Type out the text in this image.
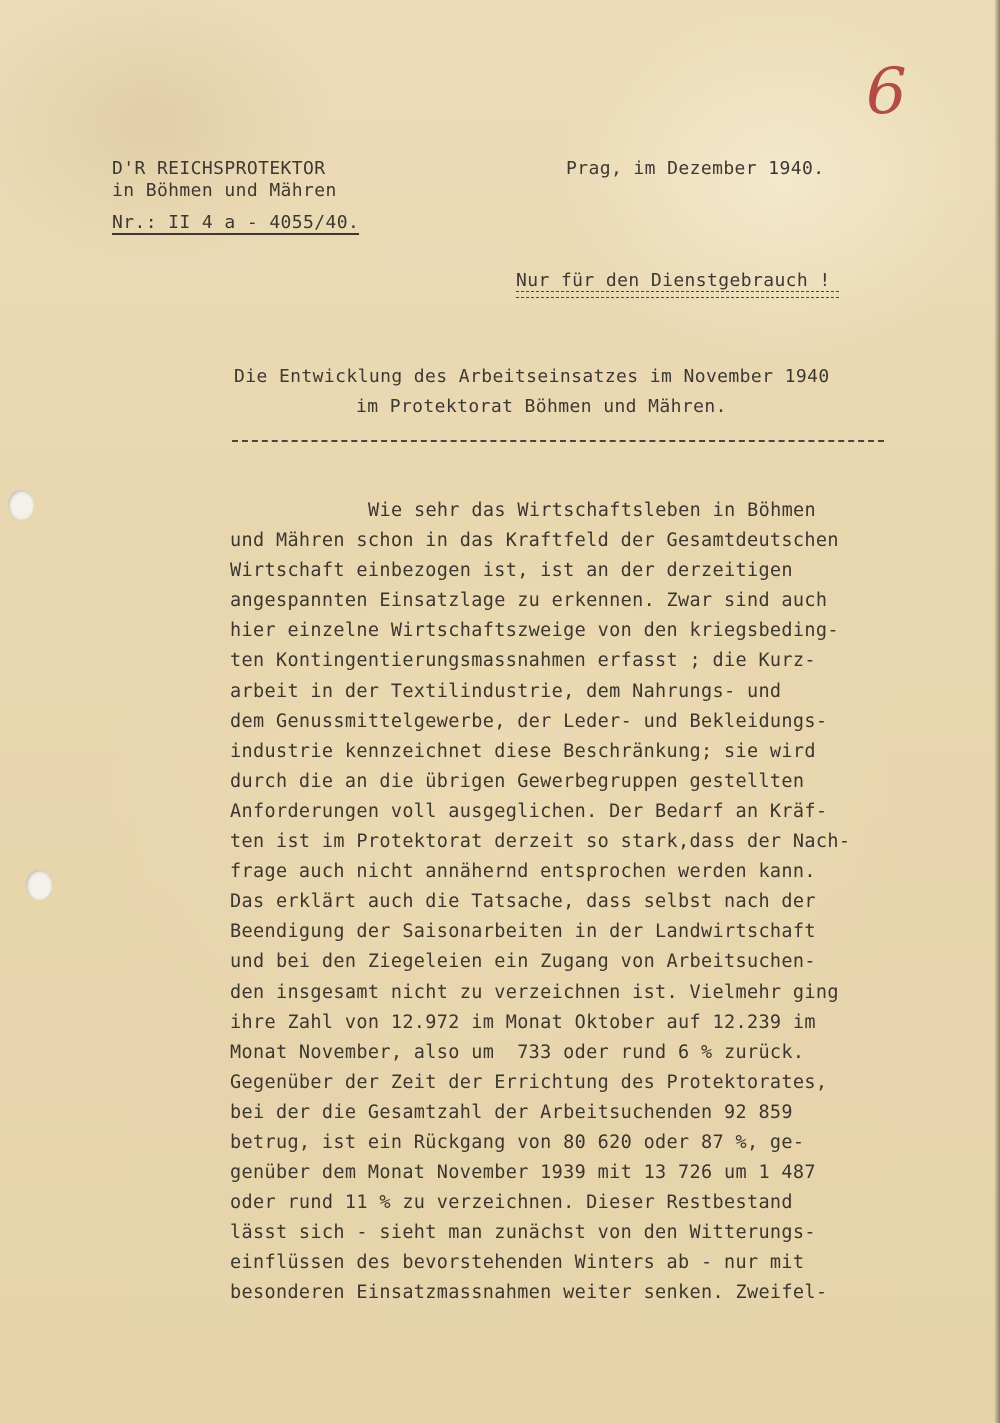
6
D'R REICHSPROTEKTOR
in Böhmen und Mähren
Nr.: II 4 a - 4055/40.
Prag, im Dezember 1940.
Nur für den Dienstgebrauch !
Die Entwicklung des Arbeitseinsatzes im November 1940
im Protektorat Böhmen und Mähren.
Wie sehr das Wirtschaftsleben in Böhmen
und Mähren schon in das Kraftfeld der Gesamtdeutschen
Wirtschaft einbezogen ist, ist an der derzeitigen
angespannten Einsatzlage zu erkennen. Zwar sind auch
hier einzelne Wirtschaftszweige von den kriegsbeding-
ten Kontingentierungsmassnahmen erfasst ; die Kurz-
arbeit in der Textilindustrie, dem Nahrungs- und
dem Genussmittelgewerbe, der Leder- und Bekleidungs-
industrie kennzeichnet diese Beschränkung; sie wird
durch die an die übrigen Gewerbegruppen gestellten
Anforderungen voll ausgeglichen. Der Bedarf an Kräf-
ten ist im Protektorat derzeit so stark,dass der Nach-
frage auch nicht annähernd entsprochen werden kann.
Das erklärt auch die Tatsache, dass selbst nach der
Beendigung der Saisonarbeiten in der Landwirtschaft
und bei den Ziegeleien ein Zugang von Arbeitsuchen-
den insgesamt nicht zu verzeichnen ist. Vielmehr ging
ihre Zahl von 12.972 im Monat Oktober auf 12.239 im
Monat November, also um  733 oder rund 6 % zurück.
Gegenüber der Zeit der Errichtung des Protektorates,
bei der die Gesamtzahl der Arbeitsuchenden 92 859
betrug, ist ein Rückgang von 80 620 oder 87 %, ge-
genüber dem Monat November 1939 mit 13 726 um 1 487
oder rund 11 % zu verzeichnen. Dieser Restbestand
lässt sich - sieht man zunächst von den Witterungs-
einflüssen des bevorstehenden Winters ab - nur mit
besonderen Einsatzmassnahmen weiter senken. Zweifel-
